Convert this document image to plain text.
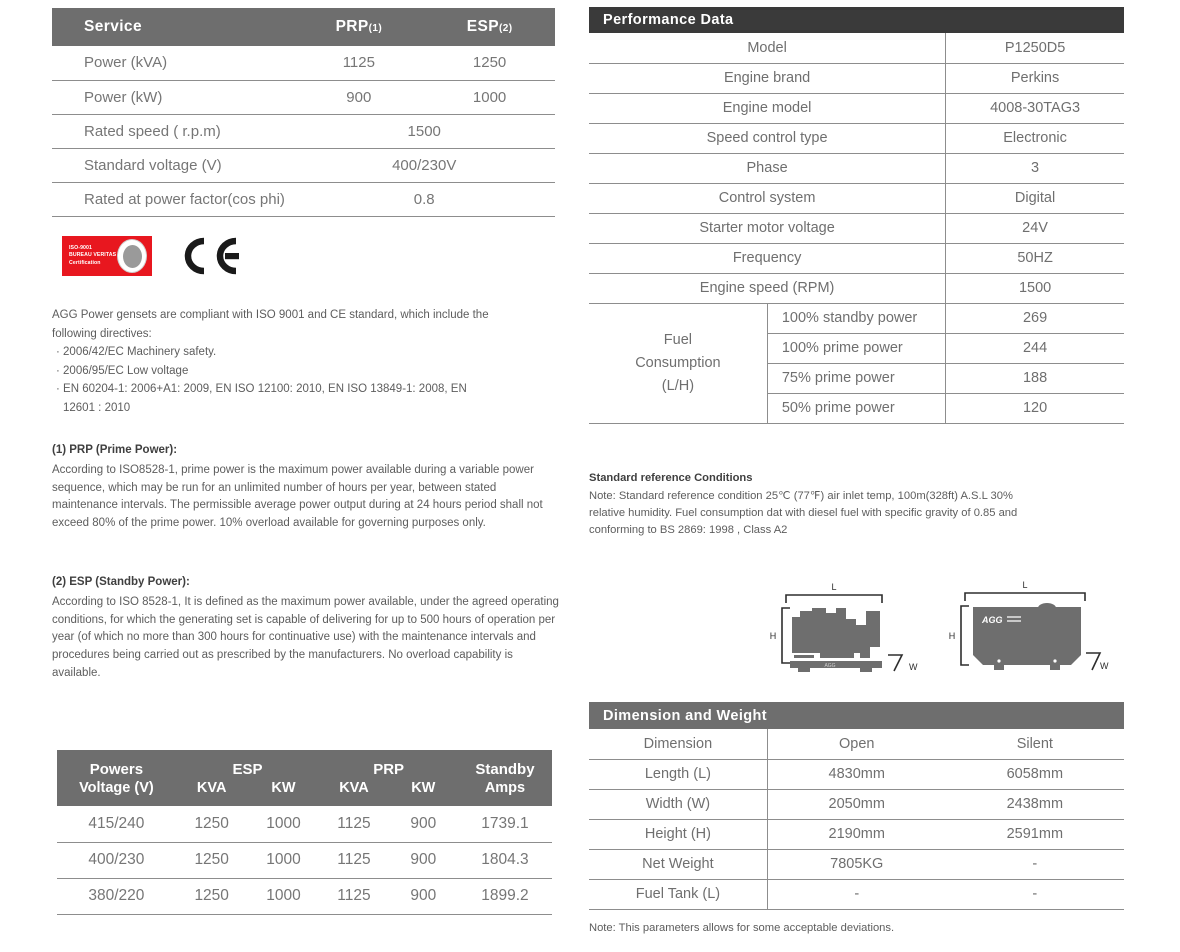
Service	PRP(1)	ESP(2)
Power (kVA)	1125	1250
Power (kW)	900	1000
Rated speed ( r.p.m)	1500	
Standard voltage (V)	400/230V	
Rated at power factor(cos phi)	0.8	
ISO-9001
BUREAU VERITAS
Certification
AGG Power gensets are compliant with ISO 9001 and CE standard, which include the
following directives:
· 2006/42/EC Machinery safety.
· 2006/95/EC Low voltage
· EN 60204-1: 2006+A1: 2009, EN ISO 12100: 2010, EN ISO 13849-1: 2008, EN
12601 : 2010
(1) PRP (Prime Power):
According to ISO8528-1, prime power is the maximum power available during a variable power sequence, which may be run for an unlimited number of hours per year, between stated maintenance intervals. The permissible average power output during at 24 hours period shall not exceed 80% of the prime power. 10% overload available for governing purposes only.
(2) ESP (Standby Power):
According to ISO 8528-1, It is defined as the maximum power available, under the agreed operating conditions, for which the generating set is capable of delivering for up to 500 hours of operation per year (of which no more than 300 hours for continuative use) with the maintenance intervals and procedures being carried out as prescribed by the manufacturers. No overload capability is available.
Powers	ESP		PRP		Standby
Voltage (V)	KVA	KW	KVA	KW	Amps
415/240	1250	1000	1125	900	1739.1
400/230	1250	1000	1125	900	1804.3
380/220	1250	1000	1125	900	1899.2
Performance Data		
Model		P1250D5
Engine brand		Perkins
Engine model		4008-30TAG3
Speed control type		Electronic
Phase		3
Control system		Digital
Starter motor voltage		24V
Frequency		50HZ
Engine speed (RPM)		1500

Fuel
Consumption
(L/H)	100% standby power	269
	100% prime power	244
	75% prime power	188
	50% prime power	120
Standard reference Conditions
Note: Standard reference condition 25℃ (77℉) air inlet temp, 100m(328ft) A.S.L 30%
relative humidity. Fuel consumption dat with diesel fuel with specific gravity of 0.85 and
conforming to BS 2869: 1998 , Class A2
L
H
AGG	W
L
H
AGG
W
Dimension and Weight		
Dimension	Open	Silent
Length (L)	4830mm	6058mm
Width (W)	2050mm	2438mm
Height (H)	2190mm	2591mm
Net Weight	7805KG	-
Fuel Tank (L)	-	-
Note: This parameters allows for some acceptable deviations.
